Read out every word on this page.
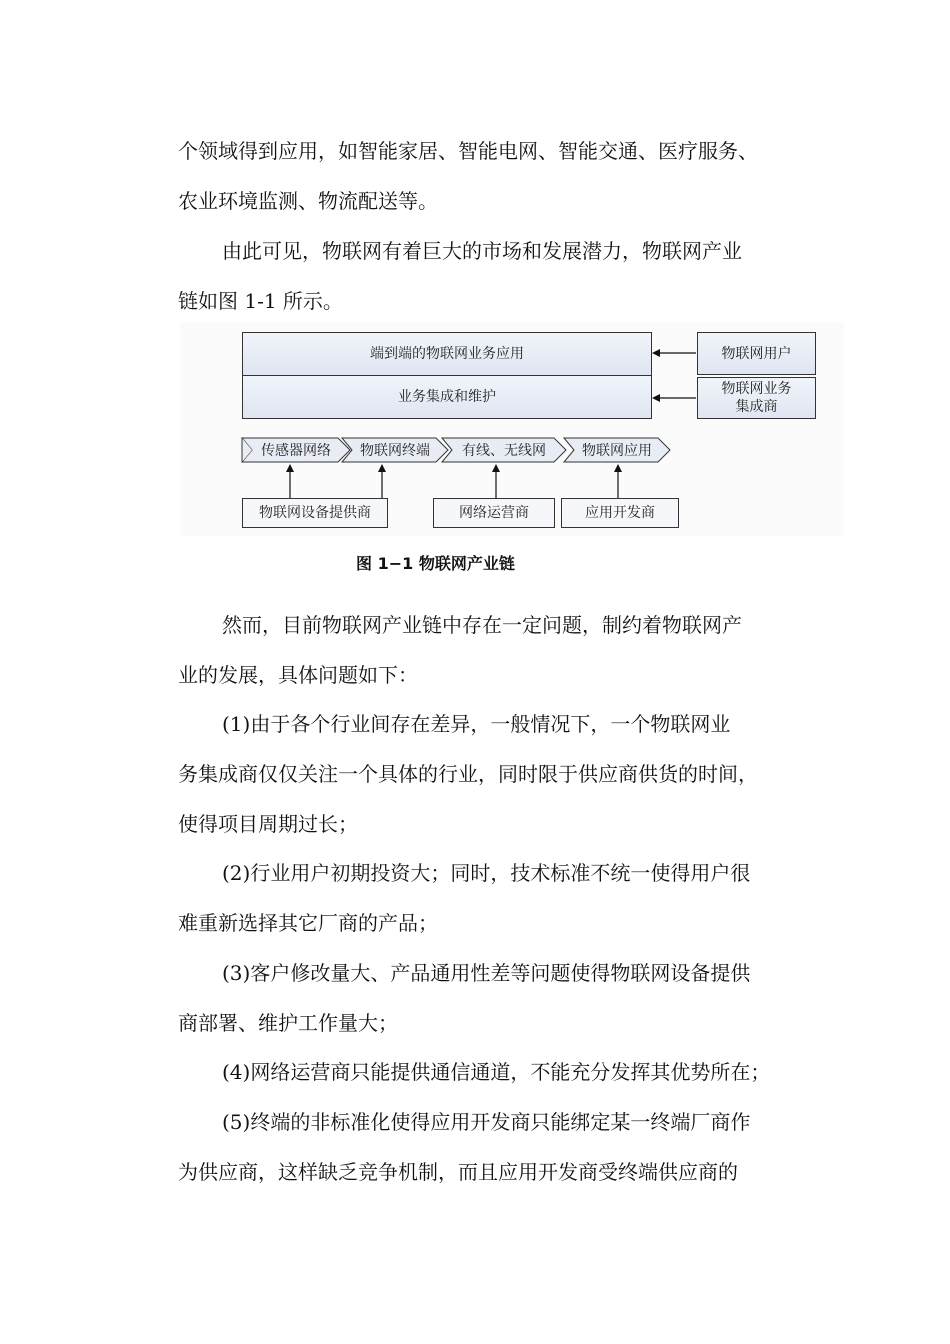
个领域得到应用，如智能家居、智能电网、智能交通、医疗服务、
农业环境监测、物流配送等。
由此可见，物联网有着巨大的市场和发展潜力，物联网产业
链如图 1-1 所示。
端到端的物联网业务应用
业务集成和维护
物联网用户
物联网业务集成商
传感器网络	物联网终端	有线、无线网	物联网应用
物联网设备提供商	网络运营商	应用开发商
图 1−1 物联网产业链
然而，目前物联网产业链中存在一定问题，制约着物联网产
业的发展，具体问题如下：
(1)由于各个行业间存在差异，一般情况下，一个物联网业
务集成商仅仅关注一个具体的行业，同时限于供应商供货的时间，
使得项目周期过长；
(2)行业用户初期投资大；同时，技术标准不统一使得用户很
难重新选择其它厂商的产品；
(3)客户修改量大、产品通用性差等问题使得物联网设备提供
商部署、维护工作量大；
(4)网络运营商只能提供通信通道，不能充分发挥其优势所在；
(5)终端的非标准化使得应用开发商只能绑定某一终端厂商作
为供应商，这样缺乏竞争机制，而且应用开发商受终端供应商的
